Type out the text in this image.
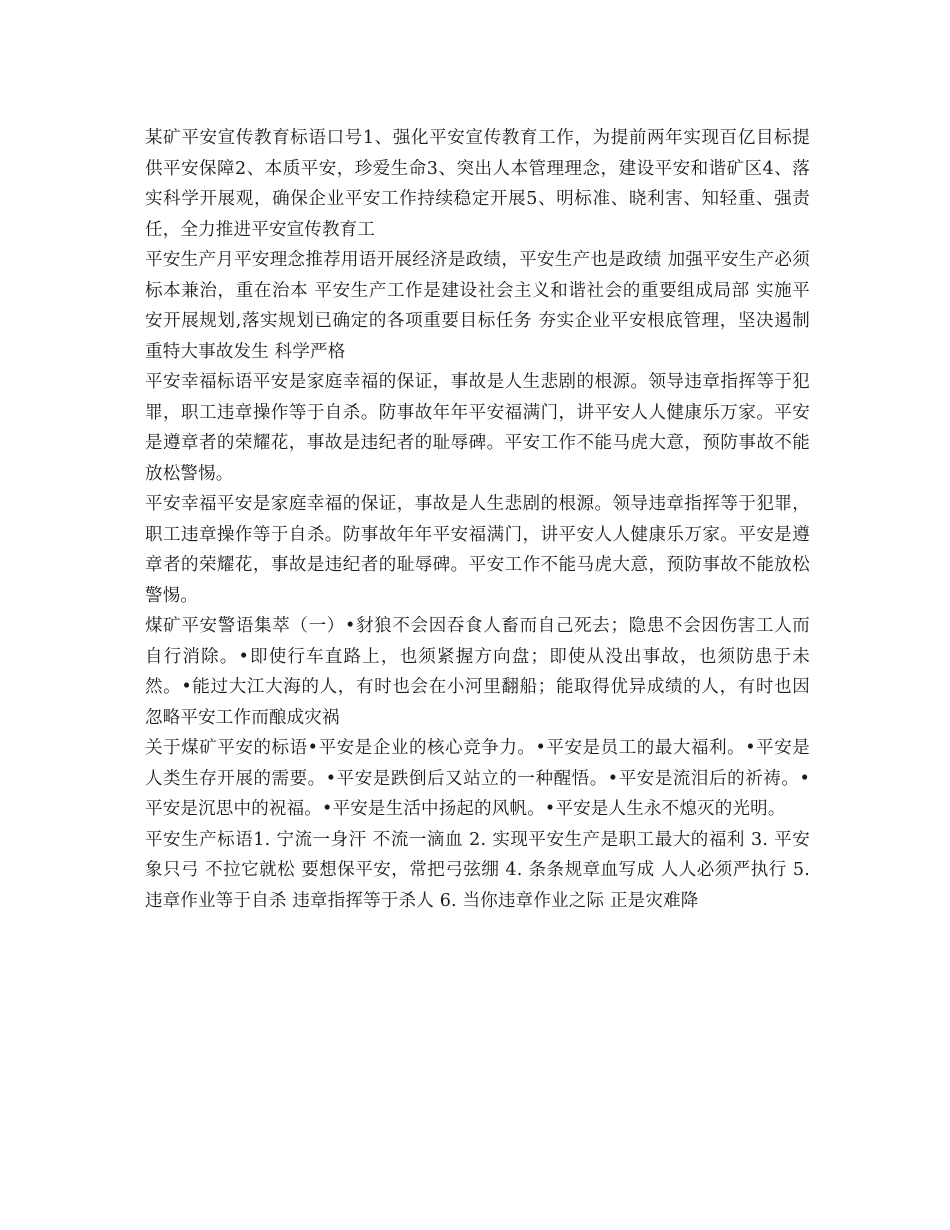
某矿平安宣传教育标语口号1、强化平安宣传教育工作，为提前两年实现百亿目标提供平安保障2、本质平安，珍爱生命3、突出人本管理理念，建设平安和谐矿区4、落实科学开展观，确保企业平安工作持续稳定开展5、明标准、晓利害、知轻重、强责任，全力推进平安宣传教育工

平安生产月平安理念推荐用语开展经济是政绩，平安生产也是政绩 加强平安生产必须标本兼治，重在治本 平安生产工作是建设社会主义和谐社会的重要组成局部 实施平安开展规划,落实规划已确定的各项重要目标任务 夯实企业平安根底管理，坚决遏制重特大事故发生 科学严格

平安幸福标语平安是家庭幸福的保证，事故是人生悲剧的根源。领导违章指挥等于犯罪，职工违章操作等于自杀。防事故年年平安福满门，讲平安人人健康乐万家。平安是遵章者的荣耀花，事故是违纪者的耻辱碑。平安工作不能马虎大意，预防事故不能放松警惕。

平安幸福平安是家庭幸福的保证，事故是人生悲剧的根源。领导违章指挥等于犯罪，职工违章操作等于自杀。防事故年年平安福满门，讲平安人人健康乐万家。平安是遵章者的荣耀花，事故是违纪者的耻辱碑。平安工作不能马虎大意，预防事故不能放松警惕。

煤矿平安警语集萃（一）•豺狼不会因吞食人畜而自己死去；隐患不会因伤害工人而自行消除。•即使行车直路上，也须紧握方向盘；即使从没出事故，也须防患于未然。•能过大江大海的人，有时也会在小河里翻船；能取得优异成绩的人，有时也因忽略平安工作而酿成灾祸

关于煤矿平安的标语•平安是企业的核心竞争力。•平安是员工的最大福利。•平安是人类生存开展的需要。•平安是跌倒后又站立的一种醒悟。•平安是流泪后的祈祷。•平安是沉思中的祝福。•平安是生活中扬起的风帆。•平安是人生永不熄灭的光明。

平安生产标语1. 宁流一身汗 不流一滴血 2. 实现平安生产是职工最大的福利 3. 平安象只弓 不拉它就松 要想保平安，常把弓弦绷 4. 条条规章血写成 人人必须严执行 5. 违章作业等于自杀 违章指挥等于杀人 6. 当你违章作业之际 正是灾难降
